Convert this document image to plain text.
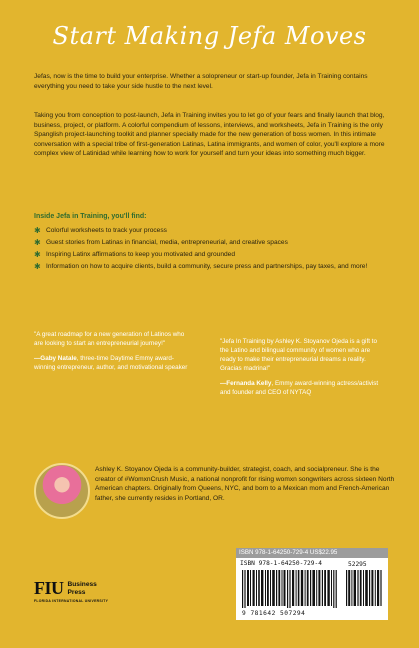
Start Making Jefa Moves

Jefas, now is the time to build your enterprise. Whether a solopreneur or start-up founder, Jefa in Training contains everything you need to take your side hustle to the next level.

Taking you from conception to post-launch, Jefa in Training invites you to let go of your fears and finally launch that blog, business, project, or platform. A colorful compendium of lessons, interviews, and worksheets, Jefa in Training is the only Spanglish project-launching toolkit and planner specially made for the new generation of boss women. In this intimate conversation with a special tribe of first-generation Latinas, Latina immigrants, and women of color, you'll explore a more complex view of Latinidad while learning how to work for yourself and turn your ideas into something much bigger.

Inside Jefa in Training, you'll find:
✱ Colorful worksheets to track your process
✱ Guest stories from Latinas in financial, media, entrepreneurial, and creative spaces
✱ Inspiring Latinx affirmations to keep you motivated and grounded
✱ Information on how to acquire clients, build a community, secure press and partnerships, pay taxes, and more!

"A great roadmap for a new generation of Latinos who are looking to start an entrepreneurial journey!"

—Gaby Natale, three-time Daytime Emmy award-winning entrepreneur, author, and motivational speaker

"Jefa In Training by Ashley K. Stoyanov Ojeda is a gift to the Latino and bilingual community of women who are ready to make their entrepreneurial dreams a reality. Gracias madrina!"

—Fernanda Kelly, Emmy award-winning actress/activist and founder and CEO of NYTAQ

Ashley K. Stoyanov Ojeda is a community-builder, strategist, coach, and socialpreneur. She is the creator of #WomxnCrush Music, a national nonprofit for rising womxn songwriters across sixteen North American chapters. Originally from Queens, NYC, and born to a Mexican mom and French-American father, she currently resides in Portland, OR.

ISBN 978-1-64250-729-4 US$22.95
ISBN 978-1-64250-729-4	52295
9 781642 507294
FIU Business
Press
FLORIDA INTERNATIONAL UNIVERSITY
